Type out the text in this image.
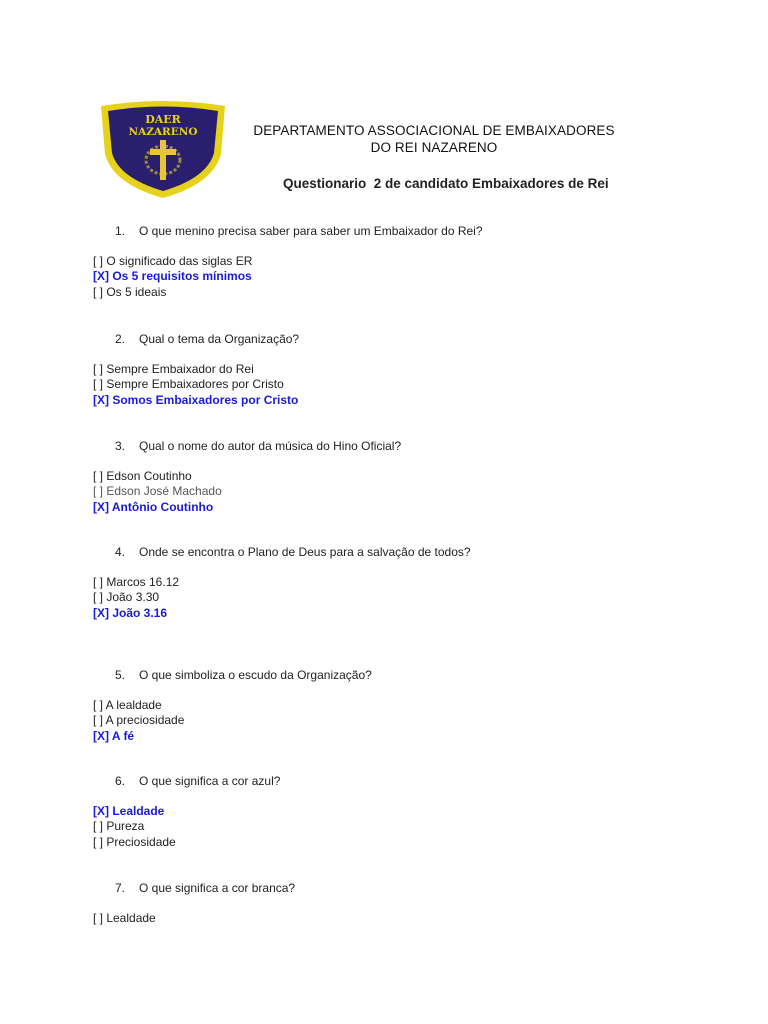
DAER
NAZARENO	DEPARTAMENTO ASSOCIACIONAL DE EMBAIXADORES
DO REI NAZARENO
Questionario  2 de candidato Embaixadores de Rei
1. O que menino precisa saber para saber um Embaixador do Rei?
[ ] O significado das siglas ER
[X] Os 5 requisitos mínimos
[ ] Os 5 ideais
2. Qual o tema da Organização?
[ ] Sempre Embaixador do Rei
[ ] Sempre Embaixadores por Cristo
[X] Somos Embaixadores por Cristo
3. Qual o nome do autor da música do Hino Oficial?
[ ] Edson Coutinho
[ ] Edson José Machado
[X] Antônio Coutinho
4. Onde se encontra o Plano de Deus para a salvação de todos?
[ ] Marcos 16.12
[ ] João 3.30
[X] João 3.16
5. O que simboliza o escudo da Organização?
[ ] A lealdade
[ ] A preciosidade
[X] A fé
6. O que significa a cor azul?
[X] Lealdade
[ ] Pureza
[ ] Preciosidade
7. O que significa a cor branca?
[ ] Lealdade
